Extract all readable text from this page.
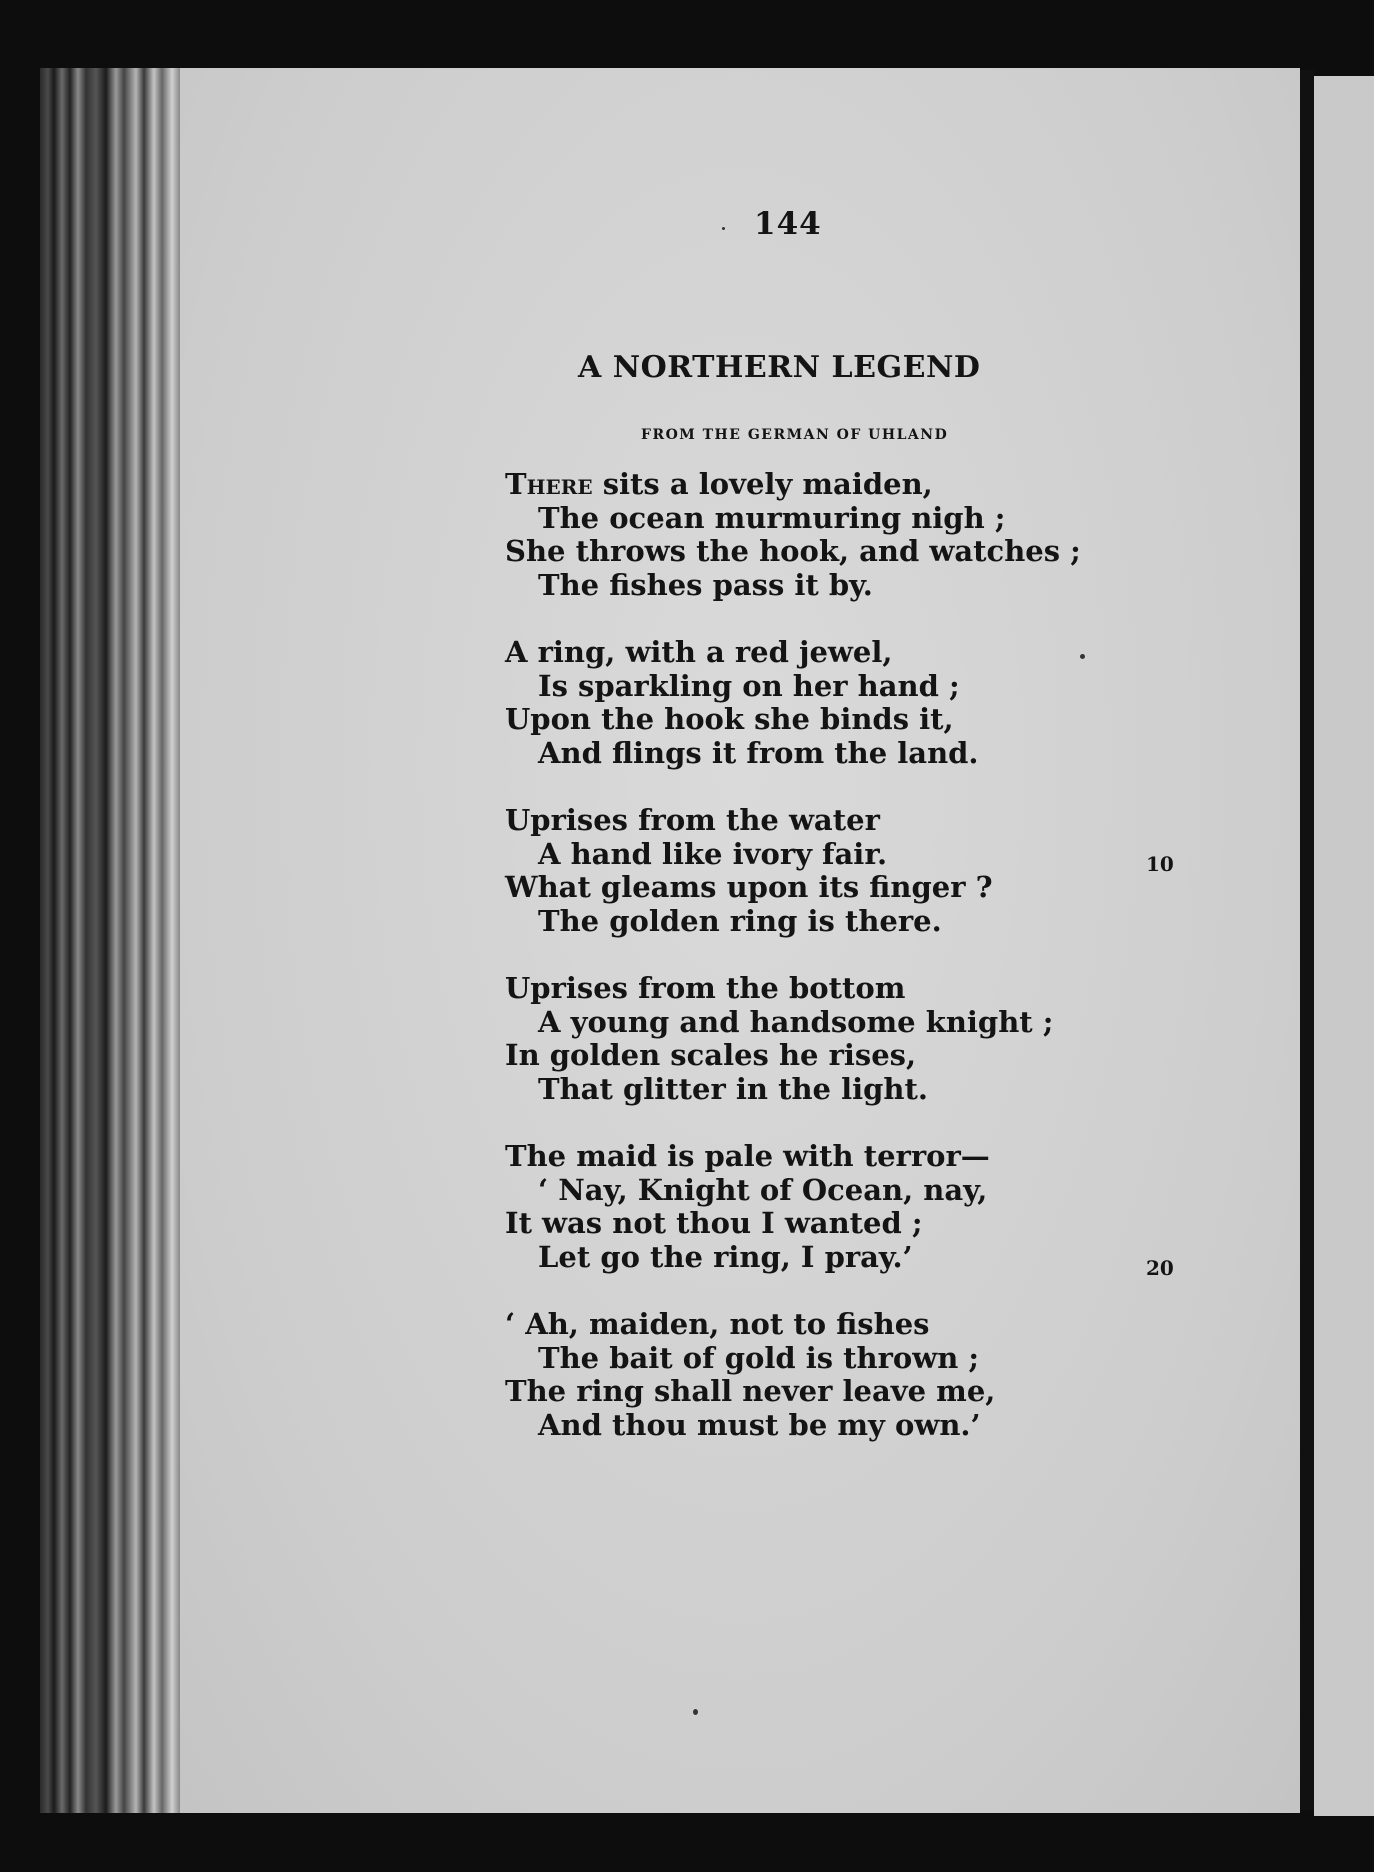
144
A NORTHERN LEGEND
FROM THE GERMAN OF UHLAND
There sits a lovely maiden,
The ocean murmuring nigh ;
She throws the hook, and watches ;
The fishes pass it by.
A ring, with a red jewel,
Is sparkling on her hand ;
Upon the hook she binds it,
And flings it from the land.
Uprises from the water
A hand like ivory fair.
What gleams upon its finger ?
The golden ring is there.
Uprises from the bottom
A young and handsome knight ;
In golden scales he rises,
That glitter in the light.
The maid is pale with terror—
‘ Nay, Knight of Ocean, nay,
It was not thou I wanted ;
Let go the ring, I pray.’
‘ Ah, maiden, not to fishes
The bait of gold is thrown ;
The ring shall never leave me,
And thou must be my own.’
10
20
